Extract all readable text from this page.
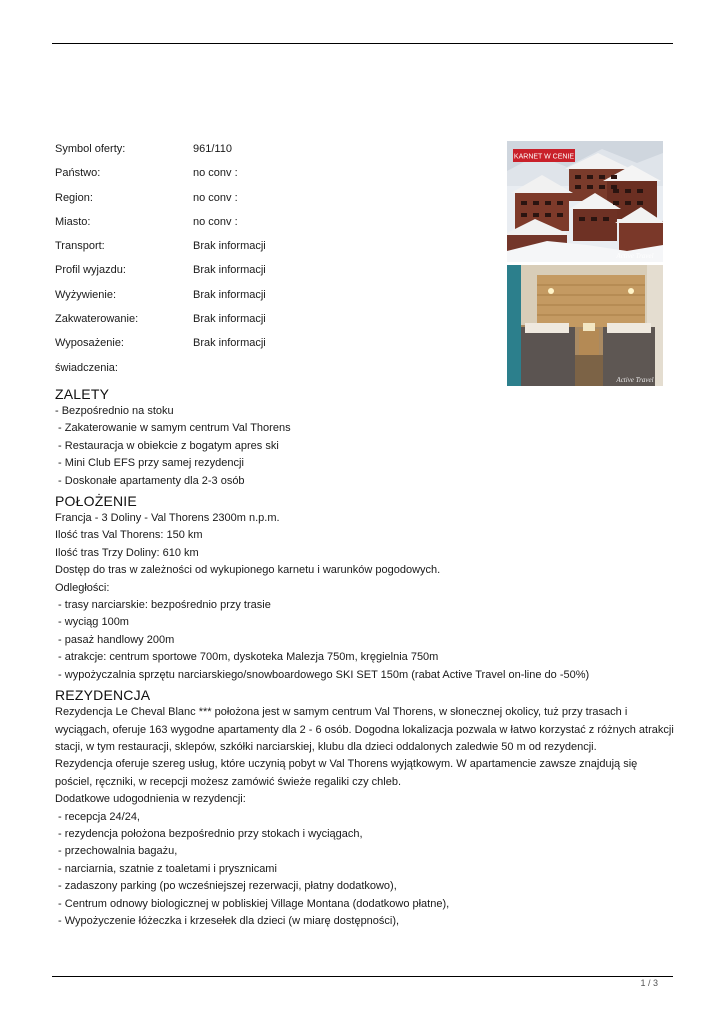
Symbol oferty:	961/110
Państwo:	no conv :
Region:	no conv :
Miasto:	no conv :
Transport:	Brak informacji
Profil wyjazdu:	Brak informacji
Wyżywienie:	Brak informacji
Zakwaterowanie:	Brak informacji
Wyposażenie:	Brak informacji
świadczenia:
KARNET W CENIE
Active Travel
Active Travel
ZALETY
- Bezpośrednio na stoku
- Zakaterowanie w samym centrum Val Thorens
- Restauracja w obiekcie z bogatym apres ski
- Mini Club EFS przy samej rezydencji
- Doskonałe apartamenty dla 2-3 osób
POŁOŻENIE
Francja - 3 Doliny - Val Thorens 2300m n.p.m.
Ilość tras Val Thorens: 150 km
Ilość tras Trzy Doliny: 610 km
Dostęp do tras w zależności od wykupionego karnetu i warunków pogodowych.
Odległości:
- trasy narciarskie: bezpośrednio przy trasie
- wyciąg 100m
- pasaż handlowy 200m
- atrakcje: centrum sportowe 700m, dyskoteka Malezja 750m, kręgielnia 750m
- wypożyczalnia sprzętu narciarskiego/snowboardowego SKI SET 150m (rabat Active Travel on-line do -50%)
REZYDENCJA
Rezydencja Le Cheval Blanc *** położona jest w samym centrum Val Thorens, w słonecznej okolicy, tuż przy trasach i
wyciągach, oferuje 163 wygodne apartamenty dla 2 - 6 osób. Dogodna lokalizacja pozwala w łatwo korzystać z różnych atrakcji
stacji, w tym restauracji, sklepów, szkółki narciarskiej, klubu dla dzieci oddalonych zaledwie 50 m od rezydencji.
Rezydencja oferuje szereg usług, które uczynią pobyt w Val Thorens wyjątkowym. W apartamencie zawsze znajdują się
pościel, ręczniki, w recepcji możesz zamówić świeże regaliki czy chleb.
Dodatkowe udogodnienia w rezydencji:
- recepcja 24/24,
- rezydencja położona bezpośrednio przy stokach i wyciągach,
- przechowalnia bagażu,
- narciarnia, szatnie z toaletami i prysznicami
- zadaszony parking (po wcześniejszej rezerwacji, płatny dodatkowo),
- Centrum odnowy biologicznej w pobliskiej Village Montana (dodatkowo płatne),
- Wypożyczenie łóżeczka i krzesełek dla dzieci (w miarę dostępności),
1 / 3
